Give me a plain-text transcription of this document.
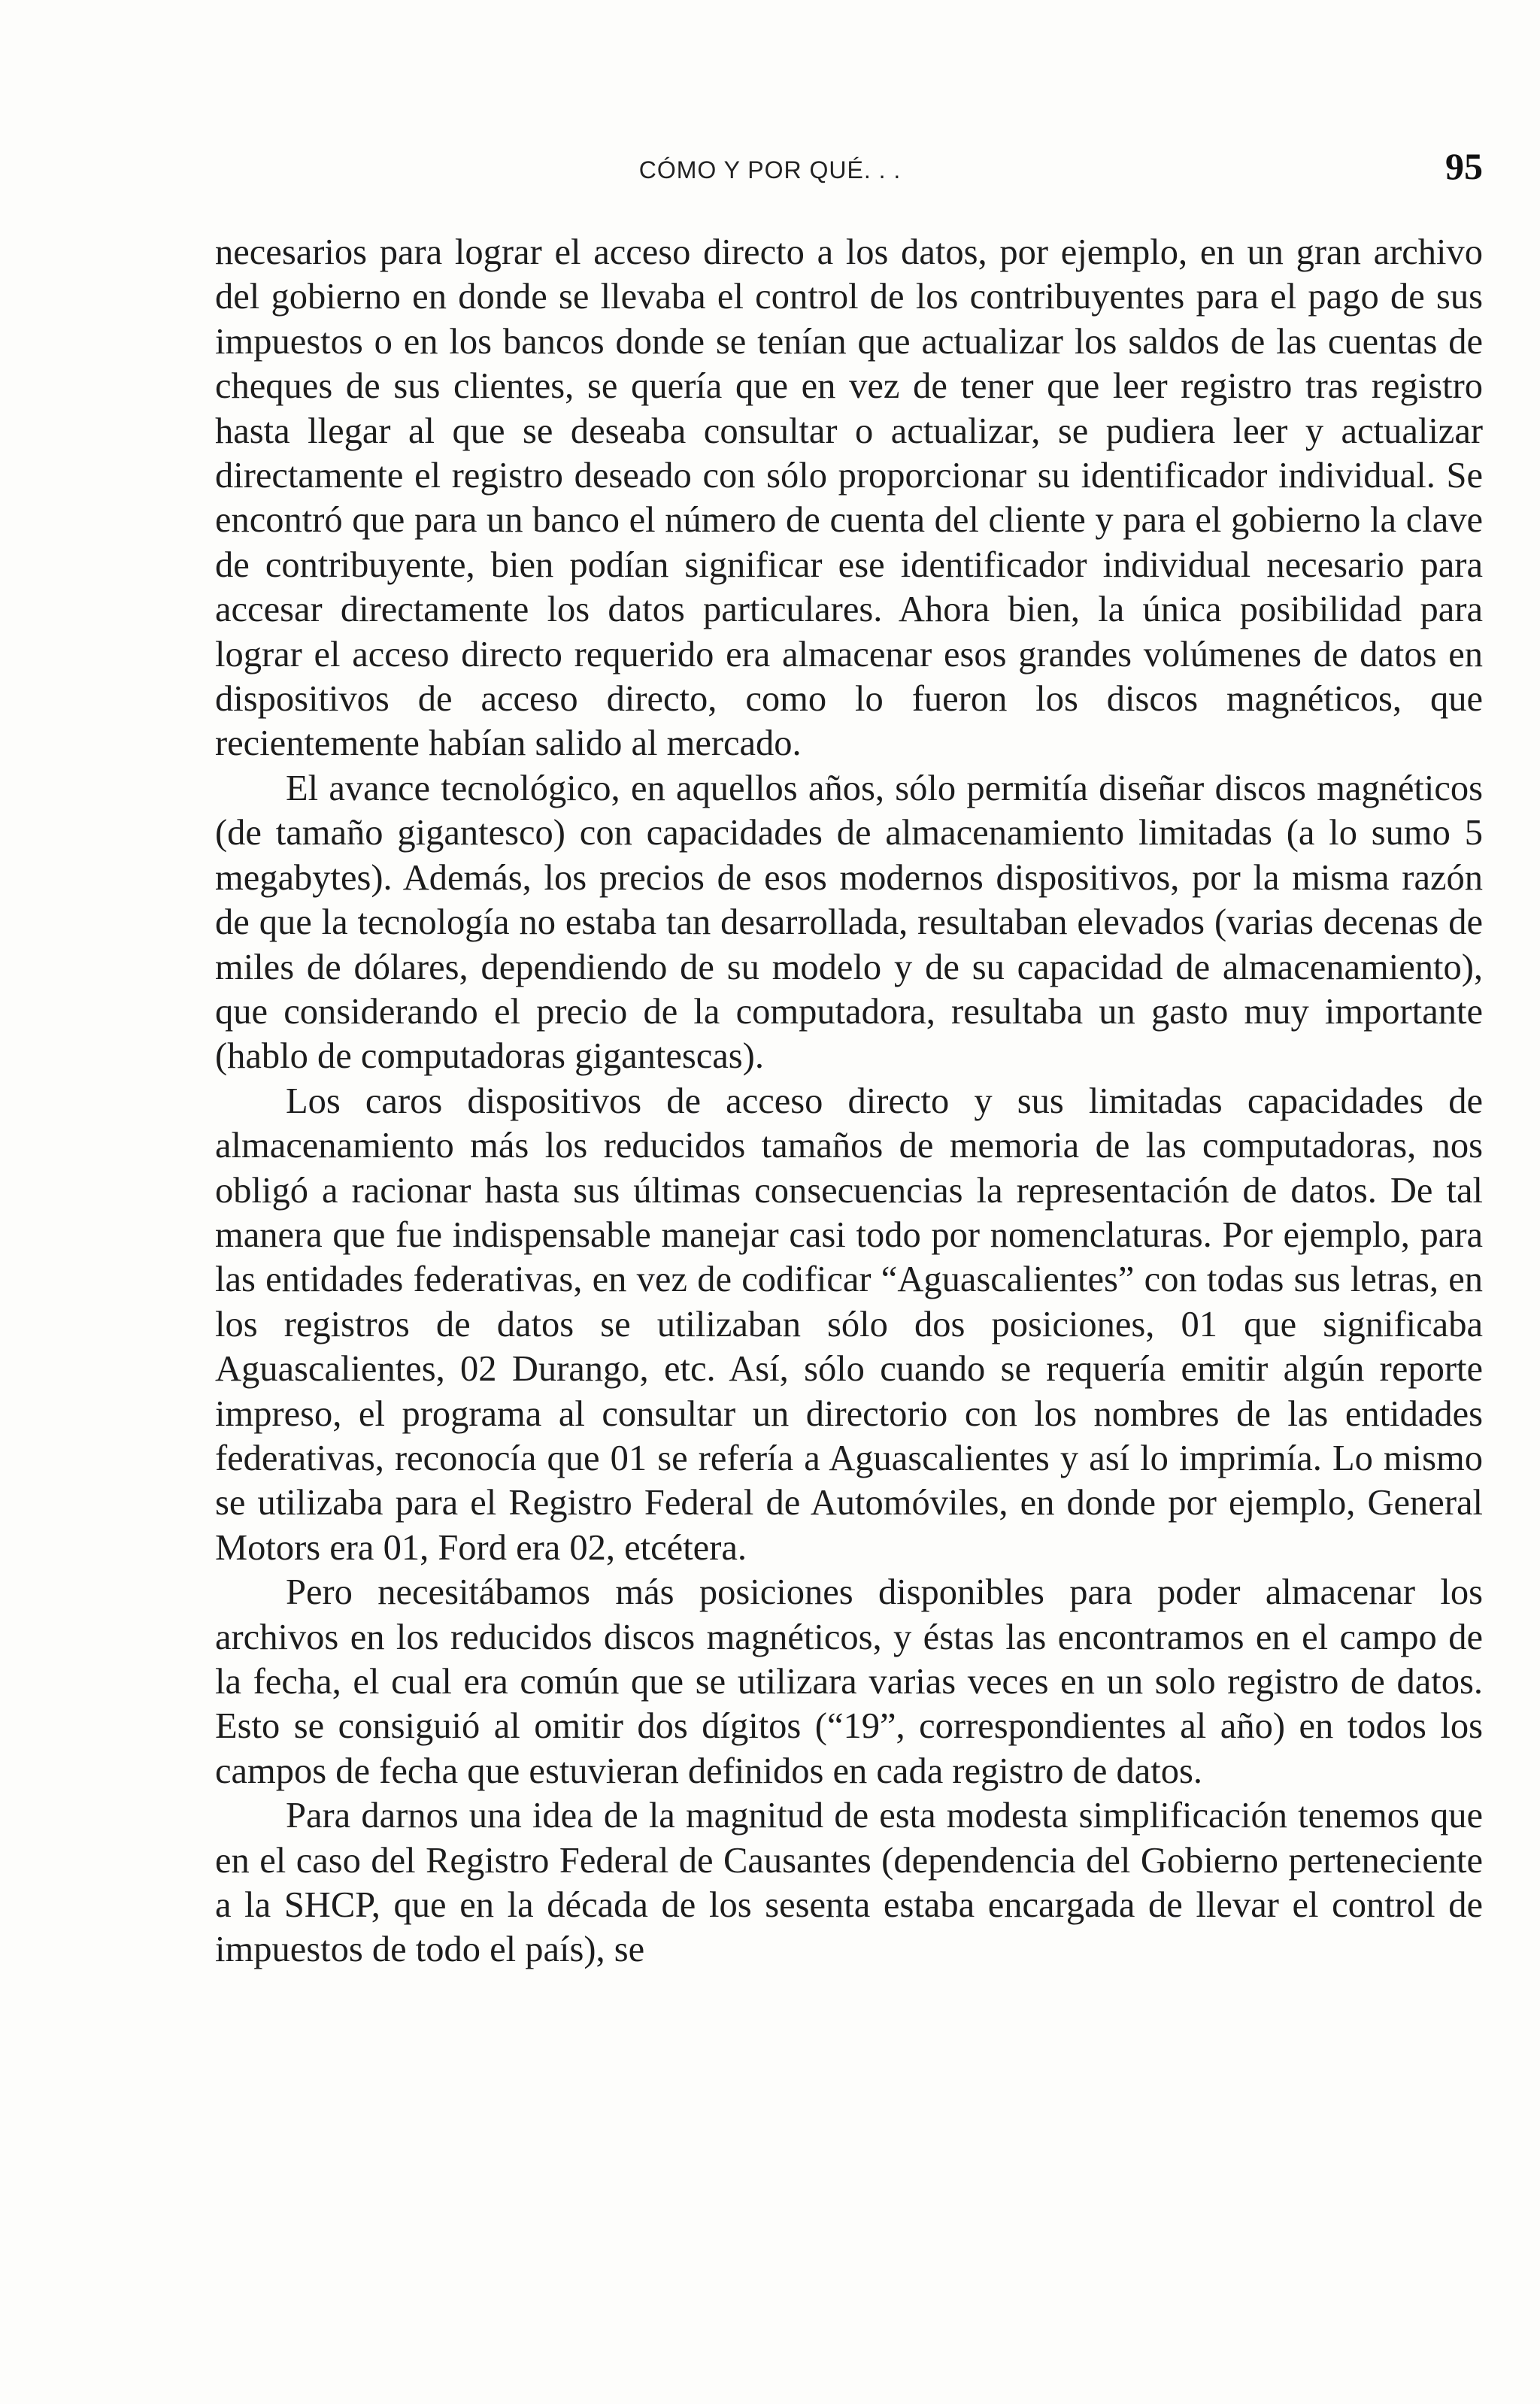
CÓMO Y POR QUÉ. . .	95

necesarios para lograr el acceso directo a los datos, por ejemplo, en un gran archivo del gobierno en donde se llevaba el control de los contribuyentes para el pago de sus impuestos o en los bancos donde se tenían que actualizar los saldos de las cuentas de cheques de sus clientes, se quería que en vez de tener que leer registro tras registro hasta llegar al que se deseaba consultar o actualizar, se pudiera leer y actualizar directamente el registro deseado con sólo proporcionar su identificador individual. Se encontró que para un banco el número de cuenta del cliente y para el gobierno la clave de contribuyente, bien podían significar ese identificador individual necesario para accesar directamente los datos particulares. Ahora bien, la única posibilidad para lograr el acceso directo requerido era almacenar esos grandes volúmenes de datos en dispositivos de acceso directo, como lo fueron los discos magnéticos, que recientemente habían salido al mercado.

El avance tecnológico, en aquellos años, sólo permitía diseñar discos magnéticos (de tamaño gigantesco) con capacidades de almacenamiento limitadas (a lo sumo 5 megabytes). Además, los precios de esos modernos dispositivos, por la misma razón de que la tecnología no estaba tan desarrollada, resultaban elevados (varias decenas de miles de dólares, dependiendo de su modelo y de su capacidad de almacenamiento), que considerando el precio de la computadora, resultaba un gasto muy importante (hablo de computadoras gigantescas).

Los caros dispositivos de acceso directo y sus limitadas capacidades de almacenamiento más los reducidos tamaños de memoria de las computadoras, nos obligó a racionar hasta sus últimas consecuencias la representación de datos. De tal manera que fue indispensable manejar casi todo por nomenclaturas. Por ejemplo, para las entidades federativas, en vez de codificar “Aguascalientes” con todas sus letras, en los registros de datos se utilizaban sólo dos posiciones, 01 que significaba Aguascalientes, 02 Durango, etc. Así, sólo cuando se requería emitir algún reporte impreso, el programa al consultar un directorio con los nombres de las entidades federativas, reconocía que 01 se refería a Aguascalientes y así lo imprimía. Lo mismo se utilizaba para el Registro Federal de Automóviles, en donde por ejemplo, General Motors era 01, Ford era 02, etcétera.

Pero necesitábamos más posiciones disponibles para poder almacenar los archivos en los reducidos discos magnéticos, y éstas las encontramos en el campo de la fecha, el cual era común que se utilizara varias veces en un solo registro de datos. Esto se consiguió al omitir dos dígitos (“19”, correspondientes al año) en todos los campos de fecha que estuvieran definidos en cada registro de datos.

Para darnos una idea de la magnitud de esta modesta simplificación tenemos que en el caso del Registro Federal de Causantes (dependencia del Gobierno perteneciente a la SHCP, que en la década de los sesenta estaba encargada de llevar el control de impuestos de todo el país), se
